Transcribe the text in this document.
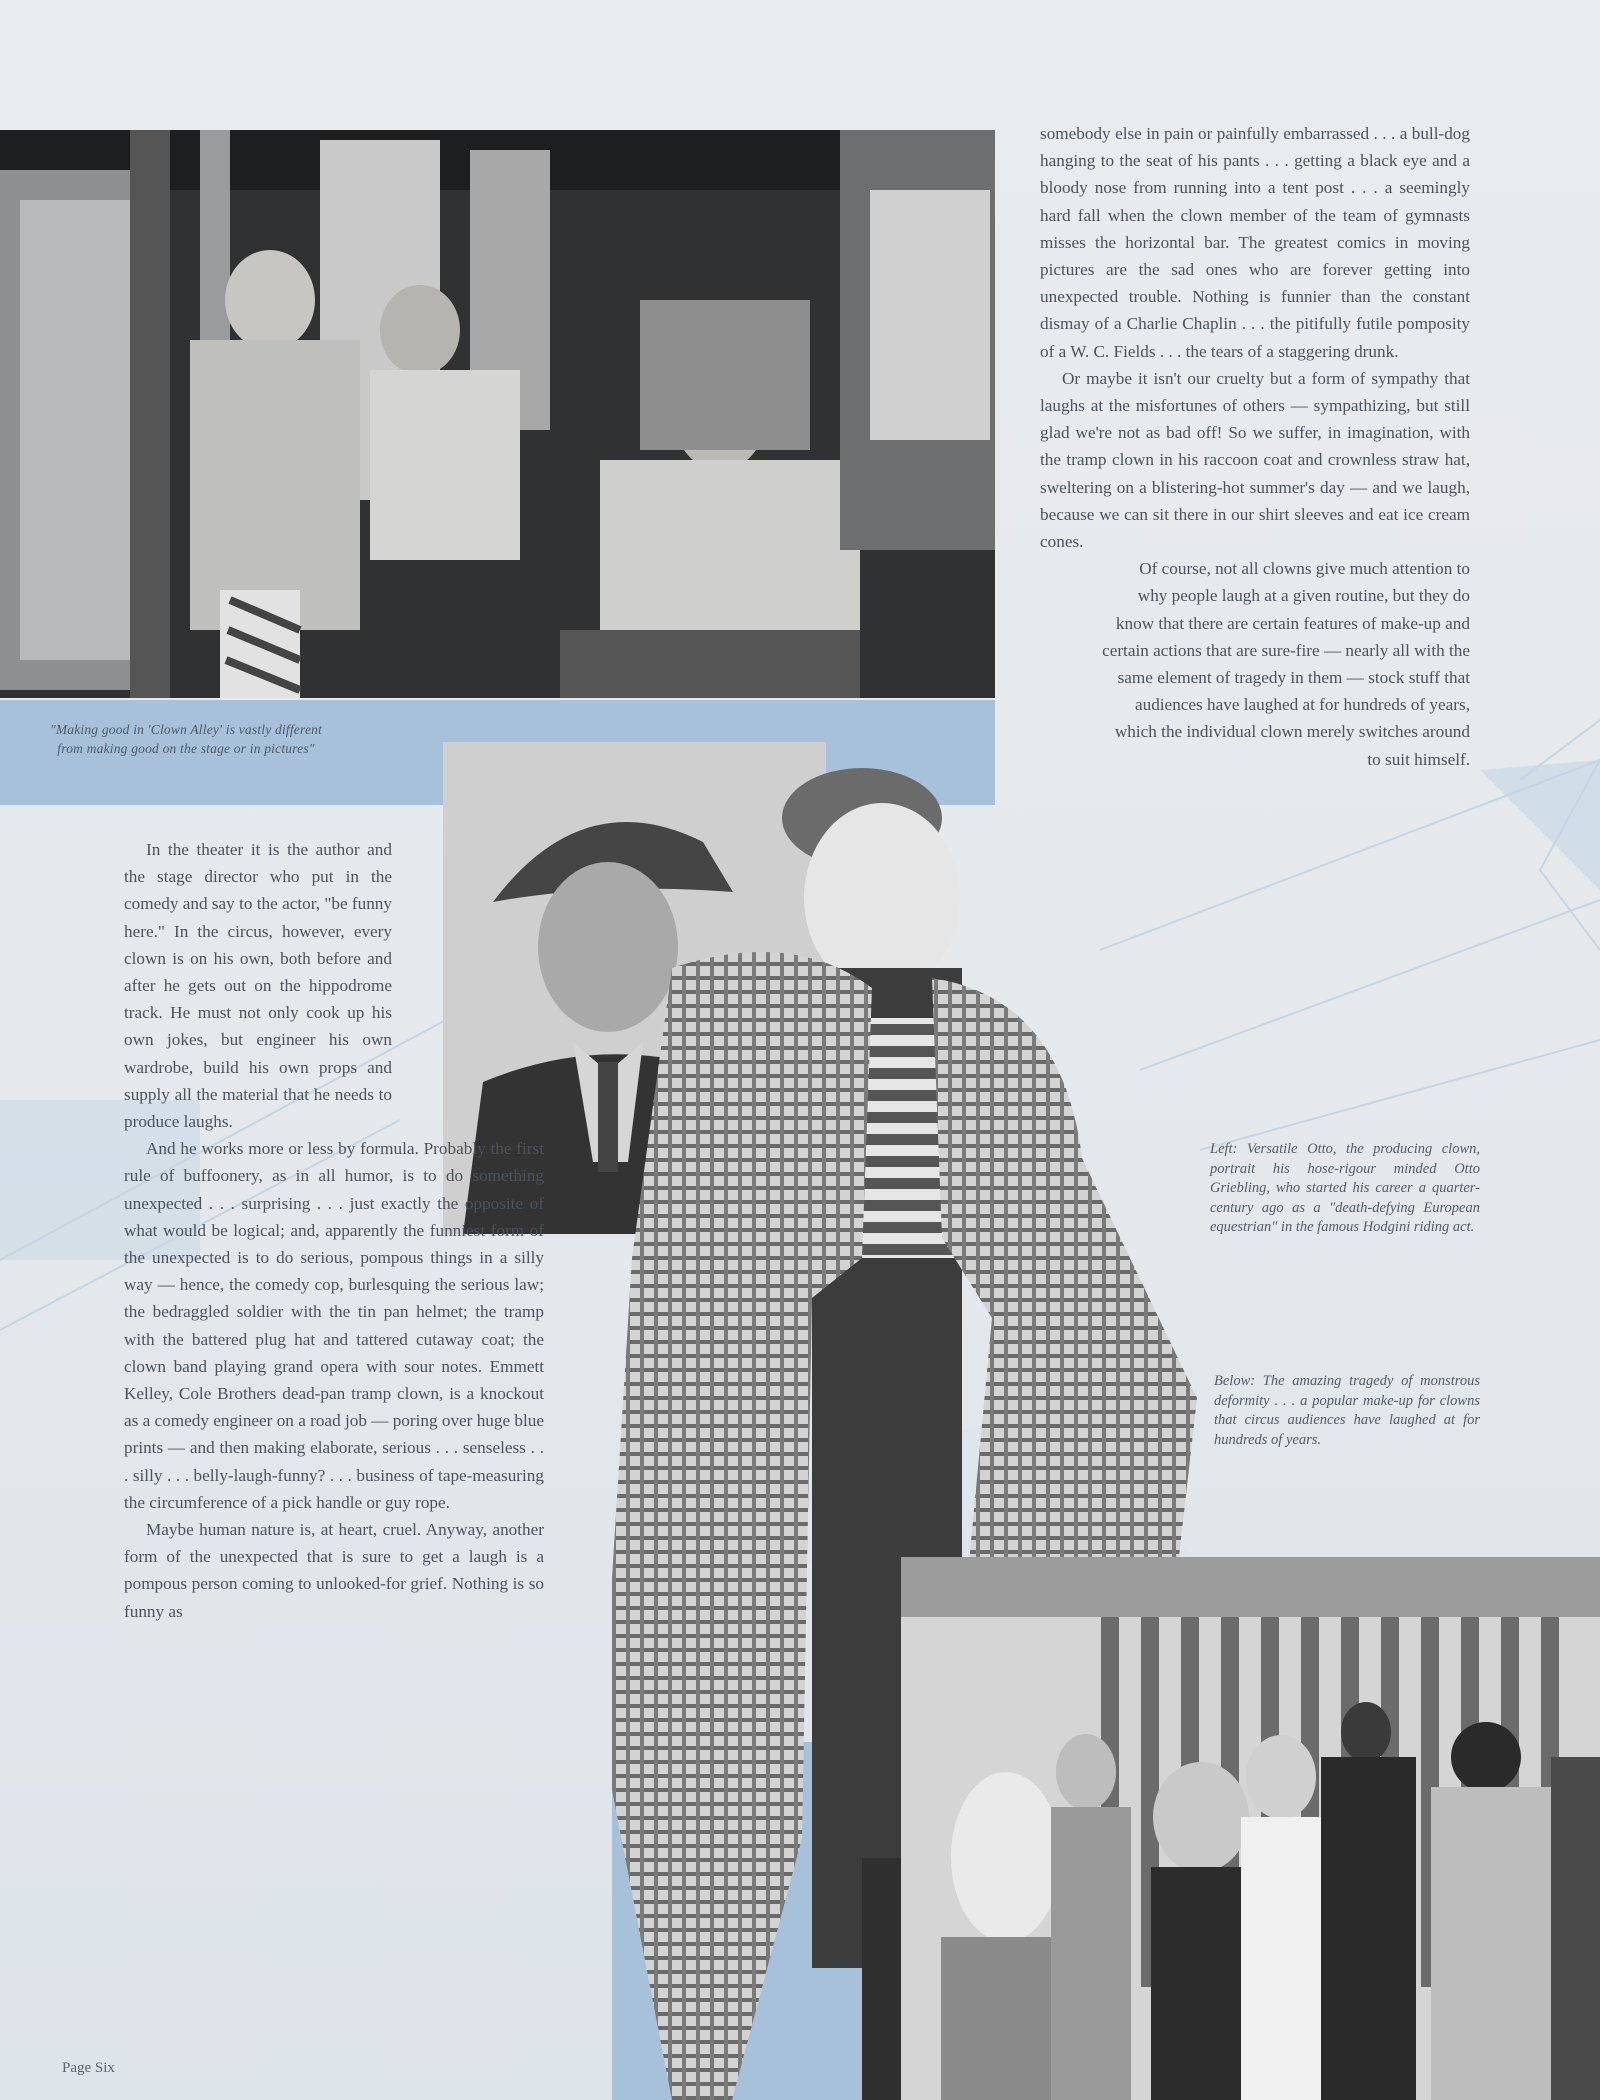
"Making good in 'Clown Alley' is vastly different from making good on the stage or in pictures"

somebody else in pain or painfully embarrassed . . . a bull-dog hanging to the seat of his pants . . . getting a black eye and a bloody nose from running into a tent post . . . a seemingly hard fall when the clown member of the team of gymnasts misses the horizontal bar. The greatest comics in moving pictures are the sad ones who are forever getting into unexpected trouble. Nothing is funnier than the constant dismay of a Charlie Chaplin . . . the pitifully futile pomposity of a W. C. Fields . . . the tears of a staggering drunk.

Or maybe it isn't our cruelty but a form of sympathy that laughs at the misfortunes of others — sympathizing, but still glad we're not as bad off! So we suffer, in imagination, with the tramp clown in his raccoon coat and crownless straw hat, sweltering on a blistering-hot summer's day — and we laugh, because we can sit there in our shirt sleeves and eat ice cream cones.

Of course, not all clowns give much attention to why people laugh at a given routine, but they do know that there are certain features of make-up and certain actions that are sure-fire — nearly all with the same element of tragedy in them — stock stuff that audiences have laughed at for hundreds of years, which the individual clown merely switches around to suit himself.

Left: Versatile Otto, the producing clown, portrait his hose-rigour minded Otto Griebling, who started his career a quarter-century ago as a "death-defying European equestrian" in the famous Hodgini riding act.
Below: The amazing tragedy of monstrous deformity . . . a popular make-up for clowns that circus audiences have laughed at for hundreds of years.

In the theater it is the author and the stage director who put in the comedy and say to the actor, "be funny here." In the circus, however, every clown is on his own, both before and after he gets out on the hippodrome track. He must not only cook up his own jokes, but engineer his own wardrobe, build his own props and supply all the material that he needs to produce laughs.

And he works more or less by formula. Probably the first rule of buffoonery, as in all humor, is to do something unexpected . . . surprising . . . just exactly the opposite of what would be logical; and, apparently the funniest form of the unexpected is to do serious, pompous things in a silly way — hence, the comedy cop, burlesquing the serious law; the bedraggled soldier with the tin pan helmet; the tramp with the battered plug hat and tattered cutaway coat; the clown band playing grand opera with sour notes. Emmett Kelley, Cole Brothers dead-pan tramp clown, is a knockout as a comedy engineer on a road job — poring over huge blue prints — and then making elaborate, serious . . . senseless . . . silly . . . belly-laugh-funny? . . . business of tape-measuring the circumference of a pick handle or guy rope.

Maybe human nature is, at heart, cruel. Anyway, another form of the unexpected that is sure to get a laugh is a pompous person coming to unlooked-for grief. Nothing is so funny as

Page Six
